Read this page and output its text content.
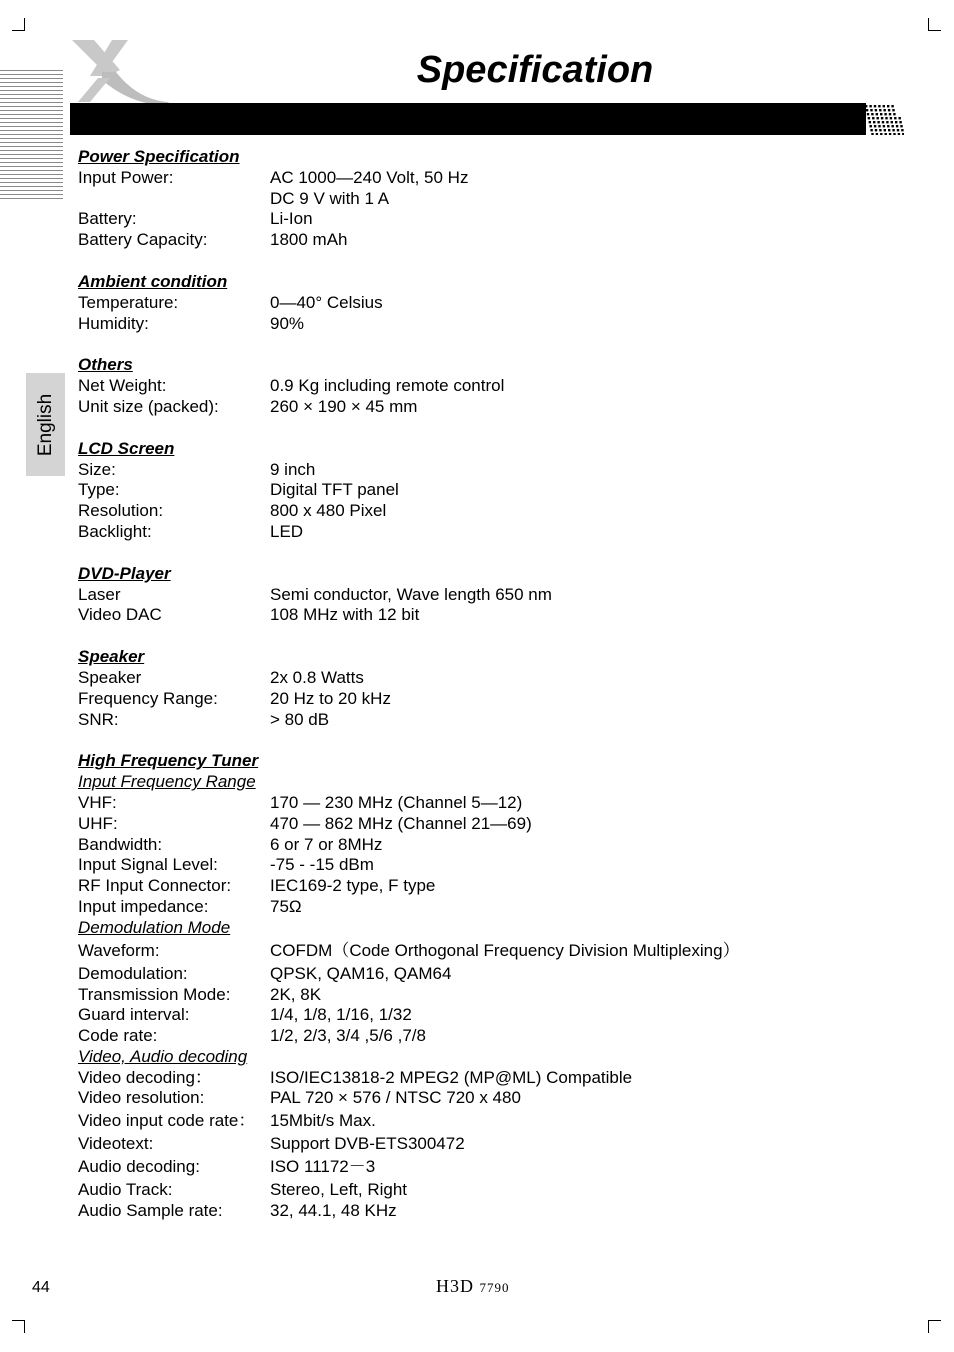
Specification
English
Power Specification
Input Power:	AC 1000—240 Volt, 50 Hz
DC 9 V with 1 A
Battery:	Li-Ion
Battery Capacity:	1800 mAh
Ambient condition
Temperature:	0—40° Celsius
Humidity:	90%
Others
Net Weight:	0.9 Kg including remote control
Unit size (packed):	260 × 190 × 45 mm
LCD Screen
Size:	9 inch
Type:	Digital TFT panel
Resolution:	800 x 480 Pixel
Backlight:	LED
DVD-Player
Laser	Semi conductor, Wave length 650 nm
Video DAC	108 MHz with 12 bit
Speaker
Speaker	2x 0.8 Watts
Frequency Range:	20 Hz to 20 kHz
SNR:	> 80 dB
High Frequency Tuner
Input Frequency Range
VHF:	170 — 230 MHz (Channel 5—12)
UHF:	470 — 862 MHz (Channel 21—69)
Bandwidth:	6 or 7 or 8MHz
Input Signal Level:	-75 - -15 dBm
RF Input Connector:	IEC169-2 type, F type
Input impedance:	75Ω
Demodulation Mode
Waveform:	COFDM（Code Orthogonal Frequency Division Multiplexing）
Demodulation:	QPSK, QAM16, QAM64
Transmission Mode:	2K, 8K
Guard interval:	1/4, 1/8, 1/16, 1/32
Code rate:	1/2, 2/3, 3/4 ,5/6 ,7/8
Video, Audio decoding
Video decoding：	ISO/IEC13818-2 MPEG2 (MP@ML) Compatible
Video resolution:	PAL 720 × 576 / NTSC 720 x 480
Video input code rate： 15Mbit/s Max.
Videotext:	Support DVB-ETS300472
Audio decoding:	ISO 11172－3
Audio Track:	Stereo, Left, Right
Audio Sample rate:	32, 44.1, 48 KHz
44	H3D 7790
